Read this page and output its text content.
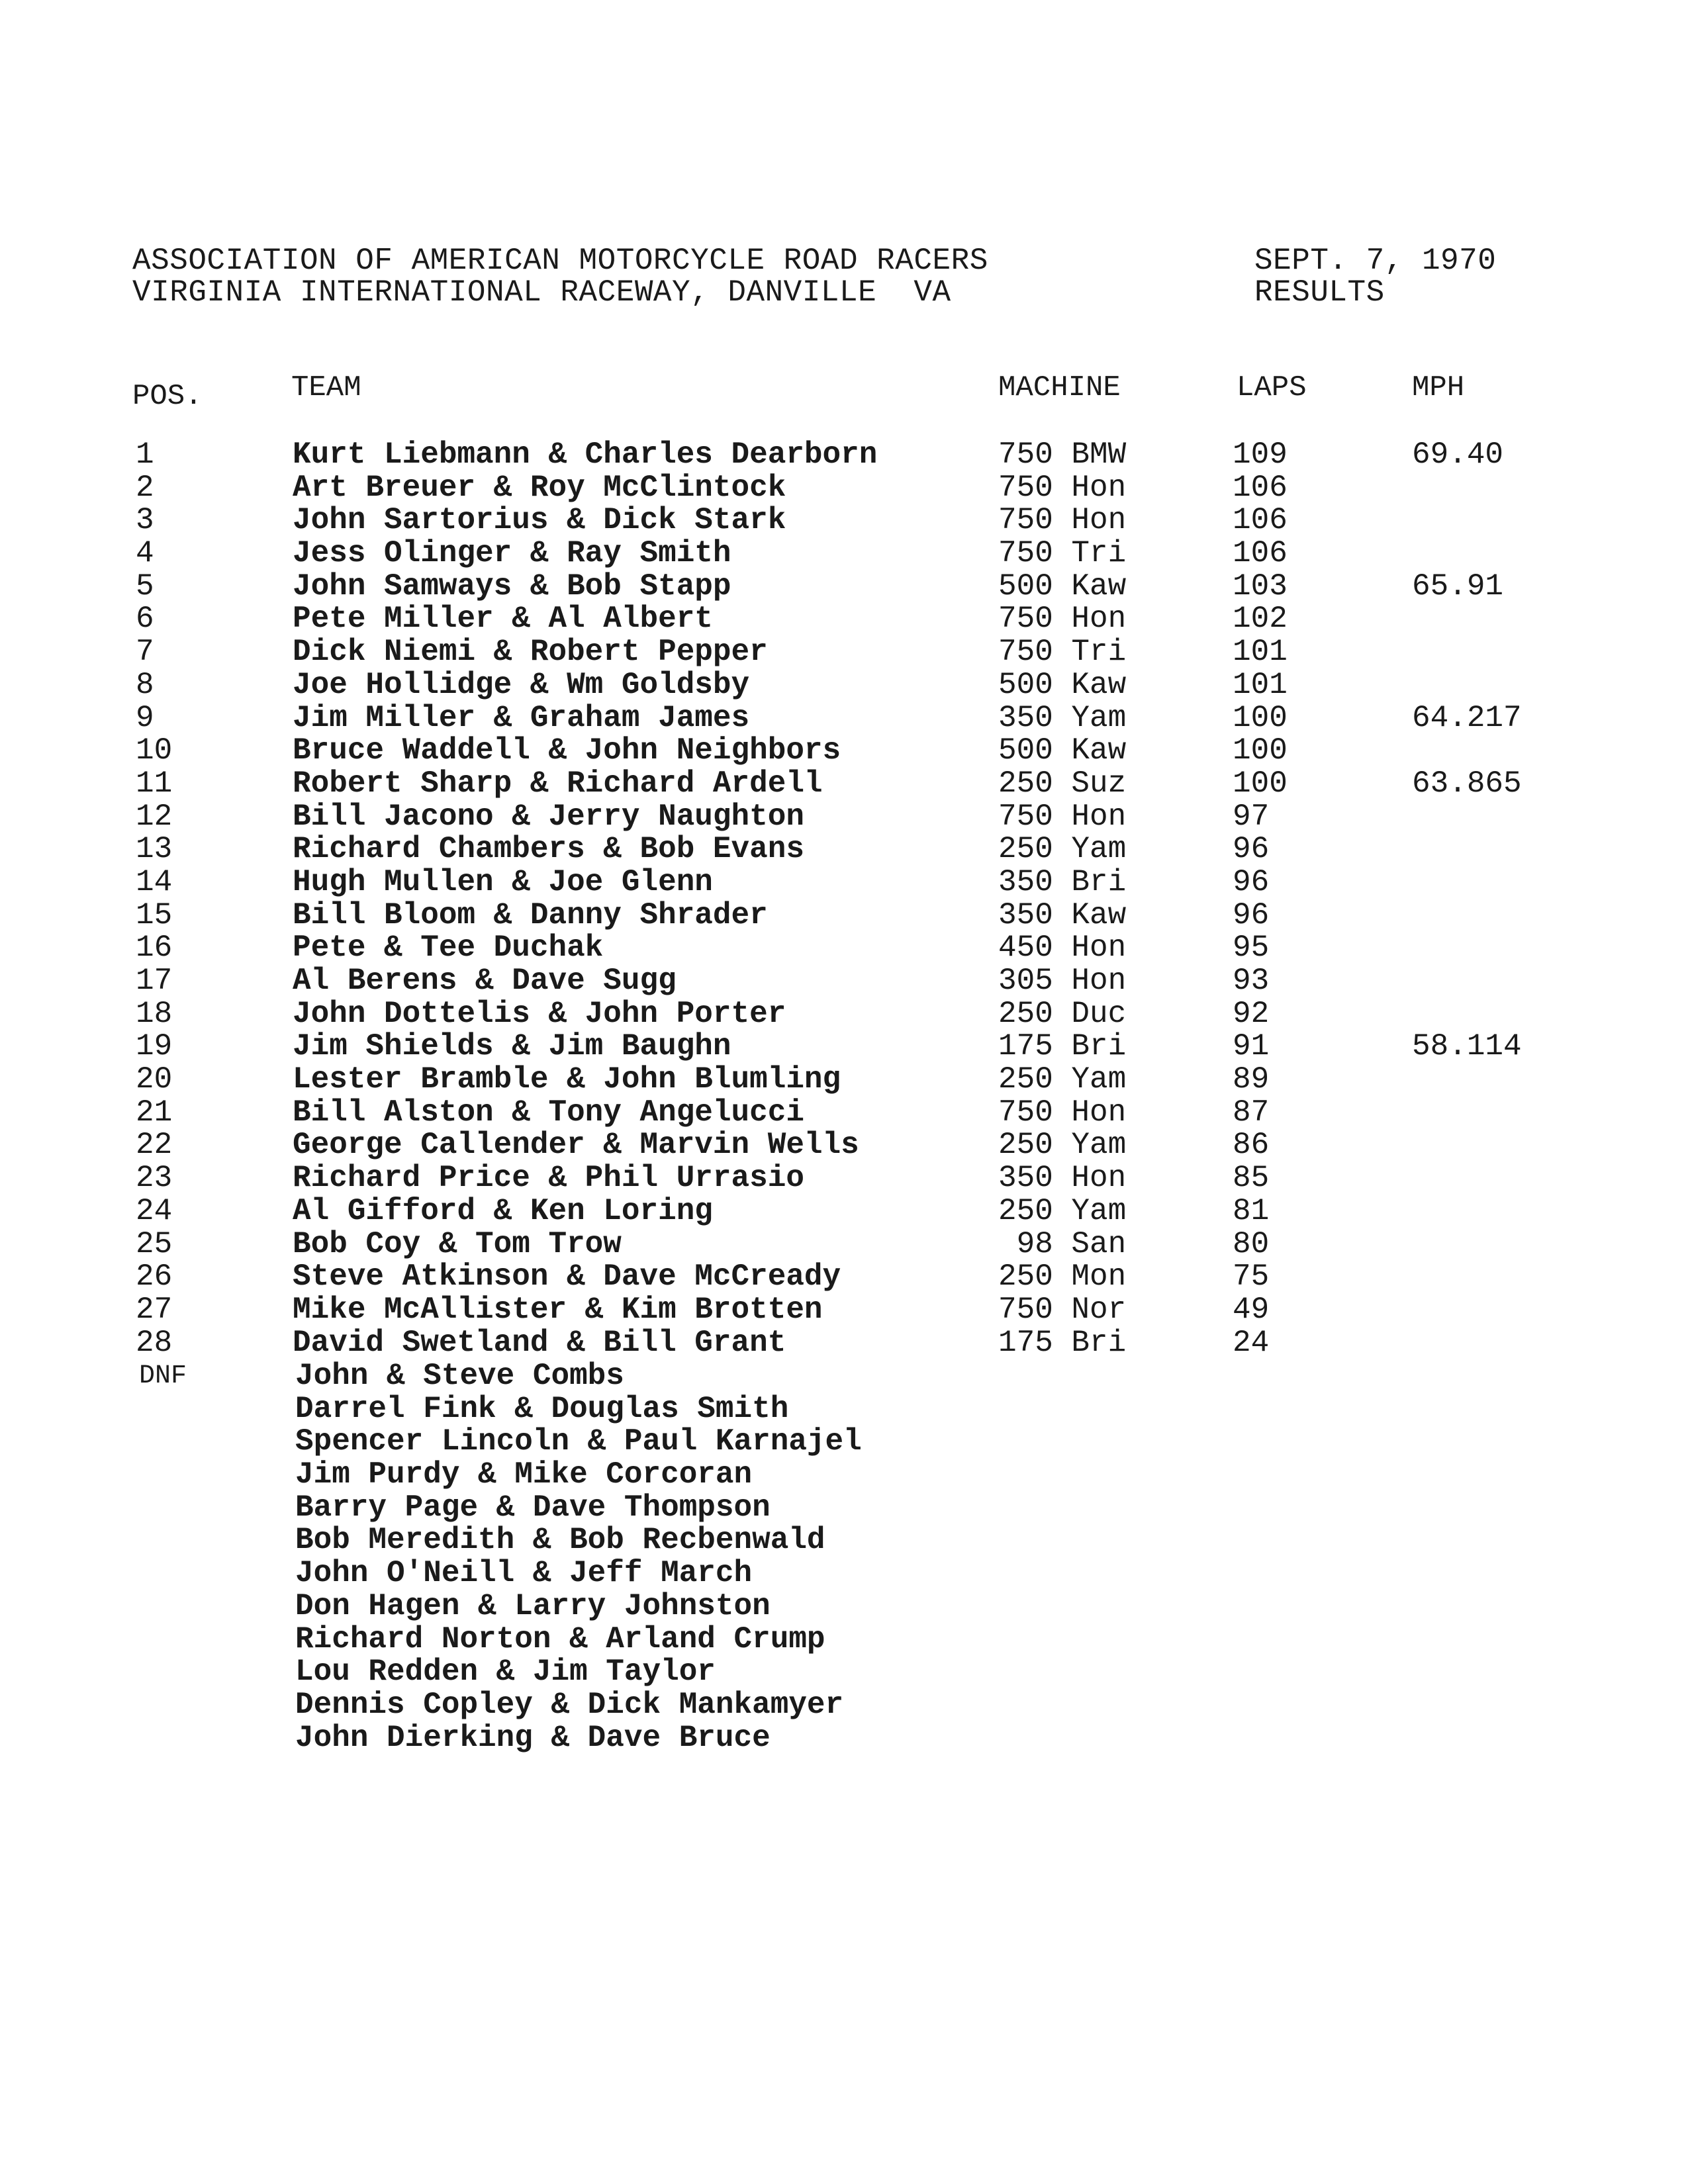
ASSOCIATION OF AMERICAN MOTORCYCLE ROAD RACERS
VIRGINIA INTERNATIONAL RACEWAY, DANVILLE  VA
SEPT. 7, 1970
RESULTS
POS.	TEAM	MACHINE	LAPS	MPH
1	Kurt Liebmann & Charles Dearborn	750 BMW	109	69.40
2	Art Breuer & Roy McClintock	750 Hon	106
3	John Sartorius & Dick Stark	750 Hon	106
4	Jess Olinger & Ray Smith	750 Tri	106
5	John Samways & Bob Stapp	500 Kaw	103	65.91
6	Pete Miller & Al Albert	750 Hon	102
7	Dick Niemi & Robert Pepper	750 Tri	101
8	Joe Hollidge & Wm Goldsby	500 Kaw	101
9	Jim Miller & Graham James	350 Yam	100	64.217
10	Bruce Waddell & John Neighbors	500 Kaw	100
11	Robert Sharp & Richard Ardell	250 Suz	100	63.865
12	Bill Jacono & Jerry Naughton	750 Hon	97
13	Richard Chambers & Bob Evans	250 Yam	96
14	Hugh Mullen & Joe Glenn	350 Bri	96
15	Bill Bloom & Danny Shrader	350 Kaw	96
16	Pete & Tee Duchak	450 Hon	95
17	Al Berens & Dave Sugg	305 Hon	93
18	John Dottelis & John Porter	250 Duc	92
19	Jim Shields & Jim Baughn	175 Bri	91	58.114
20	Lester Bramble & John Blumling	250 Yam	89
21	Bill Alston & Tony Angelucci	750 Hon	87
22	George Callender & Marvin Wells	250 Yam	86
23	Richard Price & Phil Urrasio	350 Hon	85
24	Al Gifford & Ken Loring	250 Yam	81
25	Bob Coy & Tom Trow	98 San	80
26	Steve Atkinson & Dave McCready	250 Mon	75
27	Mike McAllister & Kim Brotten	750 Nor	49
28	David Swetland & Bill Grant	175 Bri	24
DNF	John & Steve Combs
Darrel Fink & Douglas Smith
Spencer Lincoln & Paul Karnajel
Jim Purdy & Mike Corcoran
Barry Page & Dave Thompson
Bob Meredith & Bob Recbenwald
John O'Neill & Jeff March
Don Hagen & Larry Johnston
Richard Norton & Arland Crump
Lou Redden & Jim Taylor
Dennis Copley & Dick Mankamyer
John Dierking & Dave Bruce
